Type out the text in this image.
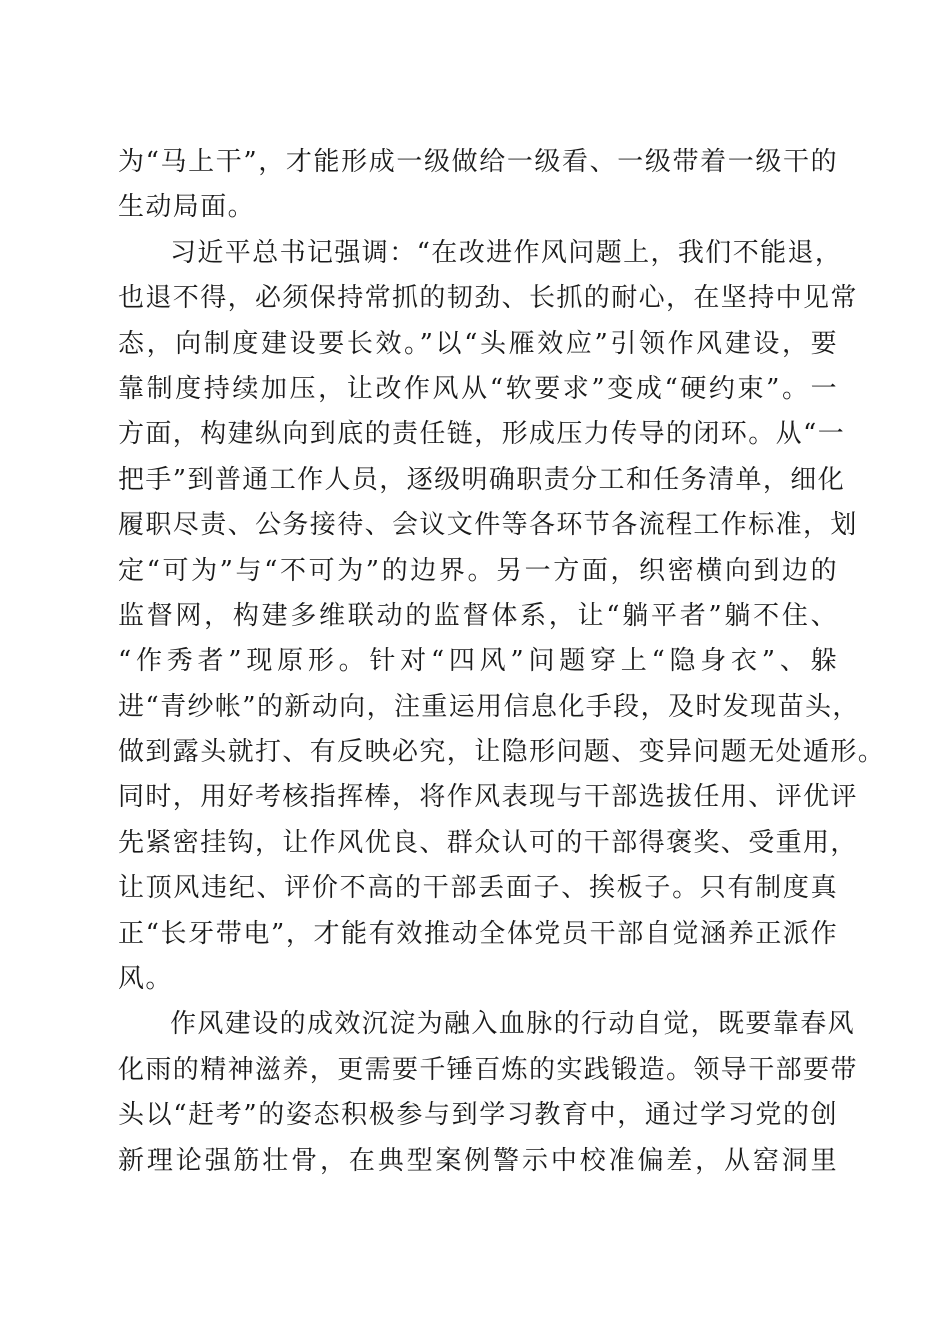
为“马上干”，才能形成一级做给一级看、一级带着一级干的
生动局面。
习近平总书记强调：“在改进作风问题上，我们不能退，
也退不得，必须保持常抓的韧劲、长抓的耐心，在坚持中见常
态，向制度建设要长效。”以“头雁效应”引领作风建设，要
靠制度持续加压，让改作风从“软要求”变成“硬约束”。一
方面，构建纵向到底的责任链，形成压力传导的闭环。从“一
把手”到普通工作人员，逐级明确职责分工和任务清单，细化
履职尽责、公务接待、会议文件等各环节各流程工作标准，划
定“可为”与“不可为”的边界。另一方面，织密横向到边的
监督网，构建多维联动的监督体系，让“躺平者”躺不住、
“作秀者”现原形。针对“四风”问题穿上“隐身衣”、躲
进“青纱帐”的新动向，注重运用信息化手段，及时发现苗头，
做到露头就打、有反映必究，让隐形问题、变异问题无处遁形。
同时，用好考核指挥棒，将作风表现与干部选拔任用、评优评
先紧密挂钩，让作风优良、群众认可的干部得褒奖、受重用，
让顶风违纪、评价不高的干部丢面子、挨板子。只有制度真
正“长牙带电”，才能有效推动全体党员干部自觉涵养正派作
风。
作风建设的成效沉淀为融入血脉的行动自觉，既要靠春风
化雨的精神滋养，更需要千锤百炼的实践锻造。领导干部要带
头以“赶考”的姿态积极参与到学习教育中，通过学习党的创
新理论强筋壮骨，在典型案例警示中校准偏差，从窑洞里
